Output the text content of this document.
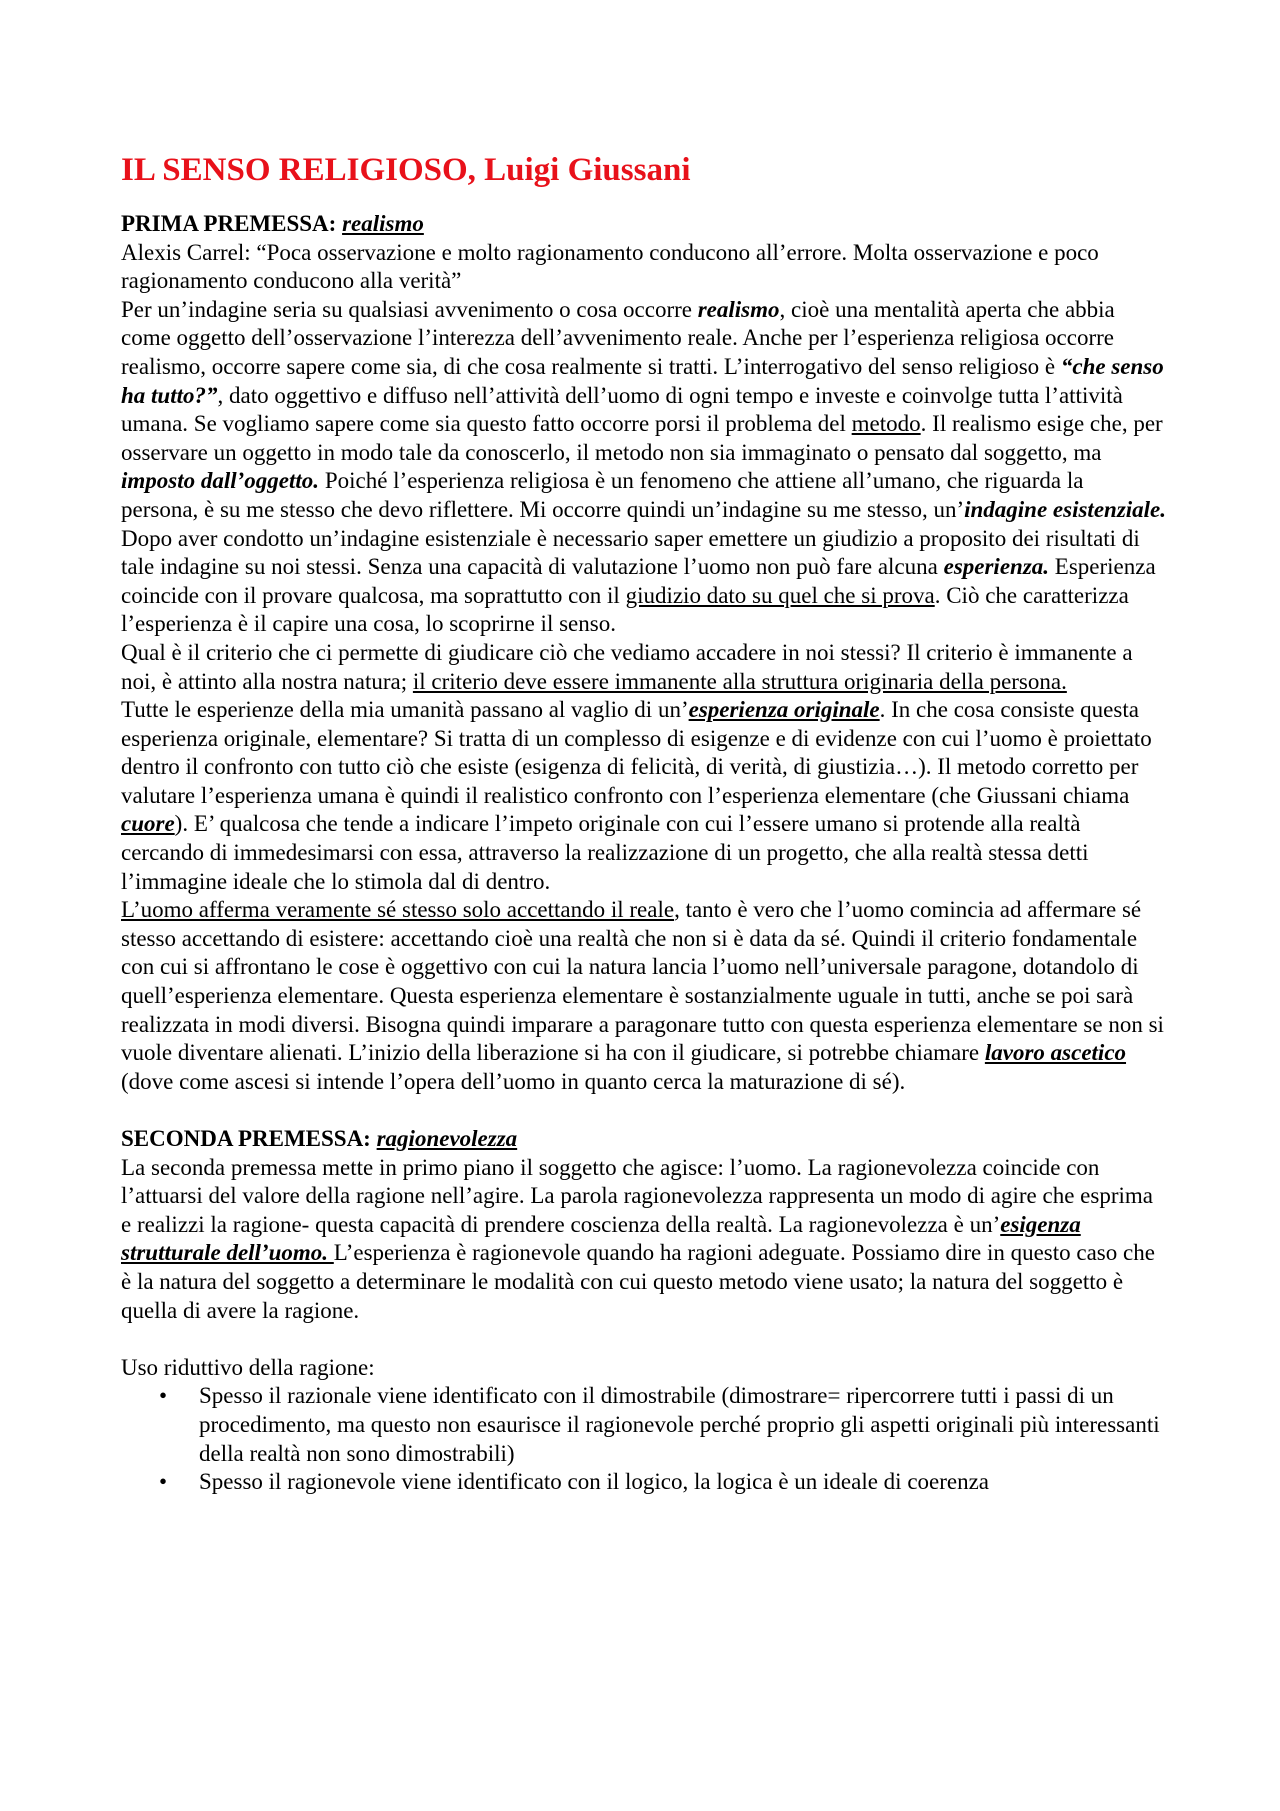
IL SENSO RELIGIOSO, Luigi Giussani

PRIMA PREMESSA: realismo

Alexis Carrel: “Poca osservazione e molto ragionamento conducono all’errore. Molta osservazione e poco ragionamento conducono alla verità”

Per un’indagine seria su qualsiasi avvenimento o cosa occorre realismo, cioè una mentalità aperta che abbia come oggetto dell’osservazione l’interezza dell’avvenimento reale. Anche per l’esperienza religiosa occorre realismo, occorre sapere come sia, di che cosa realmente si tratti. L’interrogativo del senso religioso è “che senso ha tutto?”, dato oggettivo e diffuso nell’attività dell’uomo di ogni tempo e investe e coinvolge tutta l’attività umana. Se vogliamo sapere come sia questo fatto occorre porsi il problema del metodo. Il realismo esige che, per osservare un oggetto in modo tale da conoscerlo, il metodo non sia immaginato o pensato dal soggetto, ma imposto dall’oggetto. Poiché l’esperienza religiosa è un fenomeno che attiene all’umano, che riguarda la persona, è su me stesso che devo riflettere. Mi occorre quindi un’indagine su me stesso, un’indagine esistenziale.

Dopo aver condotto un’indagine esistenziale è necessario saper emettere un giudizio a proposito dei risultati di tale indagine su noi stessi. Senza una capacità di valutazione l’uomo non può fare alcuna esperienza. Esperienza coincide con il provare qualcosa, ma soprattutto con il giudizio dato su quel che si prova. Ciò che caratterizza l’esperienza è il capire una cosa, lo scoprirne il senso.

Qual è il criterio che ci permette di giudicare ciò che vediamo accadere in noi stessi? Il criterio è immanente a noi, è attinto alla nostra natura; il criterio deve essere immanente alla struttura originaria della persona.

Tutte le esperienze della mia umanità passano al vaglio di un’esperienza originale. In che cosa consiste questa esperienza originale, elementare? Si tratta di un complesso di esigenze e di evidenze con cui l’uomo è proiettato dentro il confronto con tutto ciò che esiste (esigenza di felicità, di verità, di giustizia…). Il metodo corretto per valutare l’esperienza umana è quindi il realistico confronto con l’esperienza elementare (che Giussani chiama cuore). E’ qualcosa che tende a indicare l’impeto originale con cui l’essere umano si protende alla realtà cercando di immedesimarsi con essa, attraverso la realizzazione di un progetto, che alla realtà stessa detti l’immagine ideale che lo stimola dal di dentro.

L’uomo afferma veramente sé stesso solo accettando il reale, tanto è vero che l’uomo comincia ad affermare sé stesso accettando di esistere: accettando cioè una realtà che non si è data da sé. Quindi il criterio fondamentale con cui si affrontano le cose è oggettivo con cui la natura lancia l’uomo nell’universale paragone, dotandolo di quell’esperienza elementare. Questa esperienza elementare è sostanzialmente uguale in tutti, anche se poi sarà realizzata in modi diversi. Bisogna quindi imparare a paragonare tutto con questa esperienza elementare se non si vuole diventare alienati. L’inizio della liberazione si ha con il giudicare, si potrebbe chiamare lavoro ascetico (dove come ascesi si intende l’opera dell’uomo in quanto cerca la maturazione di sé).

SECONDA PREMESSA: ragionevolezza

La seconda premessa mette in primo piano il soggetto che agisce: l’uomo. La ragionevolezza coincide con l’attuarsi del valore della ragione nell’agire. La parola ragionevolezza rappresenta un modo di agire che esprima e realizzi la ragione- questa capacità di prendere coscienza della realtà. La ragionevolezza è un’esigenza strutturale dell’uomo. L’esperienza è ragionevole quando ha ragioni adeguate. Possiamo dire in questo caso che è la natura del soggetto a determinare le modalità con cui questo metodo viene usato; la natura del soggetto è quella di avere la ragione.

Uso riduttivo della ragione:

• Spesso il razionale viene identificato con il dimostrabile (dimostrare= ripercorrere tutti i passi di un procedimento, ma questo non esaurisce il ragionevole perché proprio gli aspetti originali più interessanti della realtà non sono dimostrabili)
• Spesso il ragionevole viene identificato con il logico, la logica è un ideale di coerenza
